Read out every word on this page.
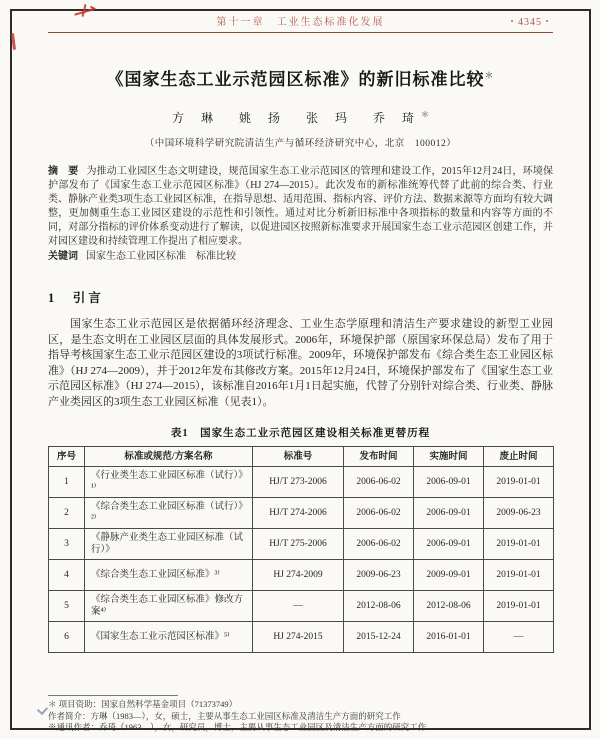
第十一章　工业生态标准化发展	・4345・
《国家生态工业示范园区标准》的新旧标准比较＊
方 琳　姚 扬　张 玛　乔 琦＊
（中国环境科学研究院清洁生产与循环经济研究中心，北京　100012）

摘　要 为推动工业园区生态文明建设，规范国家生态工业示范园区的管理和建设工作，2015年12月24日，环境保护部发布了《国家生态工业示范园区标准》（HJ 274—2015）。此次发布的新标准统筹代替了此前的综合类、行业类、静脉产业类3项生态工业园区标准，在指导思想、适用范围、指标内容、评价方法、数据来源等方面均有较大调整，更加侧重生态工业园区建设的示范性和引领性。通过对比分析新旧标准中各项指标的数量和内容等方面的不同，对部分指标的评价体系变动进行了解读，以促进园区按照新标准要求开展国家生态工业示范园区创建工作，并对园区建设和持续管理工作提出了相应要求。

关键词 国家生态工业园区标准　标准比较

1　引言

国家生态工业示范园区是依据循环经济理念、工业生态学原理和清洁生产要求建设的新型工业园区，是生态文明在工业园区层面的具体发展形式。2006年，环境保护部（原国家环保总局）发布了用于指导考核国家生态工业示范园区建设的3项试行标准。2009年，环境保护部发布《综合类生态工业园区标准》（HJ 274—2009），并于2012年发布其修改方案。2015年12月24日，环境保护部发布了《国家生态工业示范园区标准》（HJ 274—2015），该标准自2016年1月1日起实施，代替了分别针对综合类、行业类、静脉产业类园区的3项生态工业园区标准（见表1）。

表1　国家生态工业示范园区建设相关标准更替历程
序号	标准或规范/方案名称	标准号	发布时间	实施时间	废止时间
1	《行业类生态工业园区标准（试行）》¹⁾	HJ/T 273-2006	2006-06-02	2006-09-01	2019-01-01
2	《综合类生态工业园区标准（试行）》²⁾	HJ/T 274-2006	2006-06-02	2006-09-01	2009-06-23
3	《静脉产业类生态工业园区标准（试行）》	HJ/T 275-2006	2006-06-02	2006-09-01	2019-01-01
4	《综合类生态工业园区标准》³⁾	HJ 274-2009	2009-06-23	2009-09-01	2019-01-01
5	《综合类生态工业园区标准》修改方案⁴⁾	—	2012-08-06	2012-08-06	2019-01-01
6	《国家生态工业示范园区标准》⁵⁾	HJ 274-2015	2015-12-24	2016-01-01	—
＊ 项目资助：国家自然科学基金项目（71373749）
作者简介：方琳（1983—），女，硕士，主要从事生态工业园区标准及清洁生产方面的研究工作
※通讯作者：乔琦（1963—），女，研究员，博士，主要从事生态工业园区及清洁生产方面的研究工作
